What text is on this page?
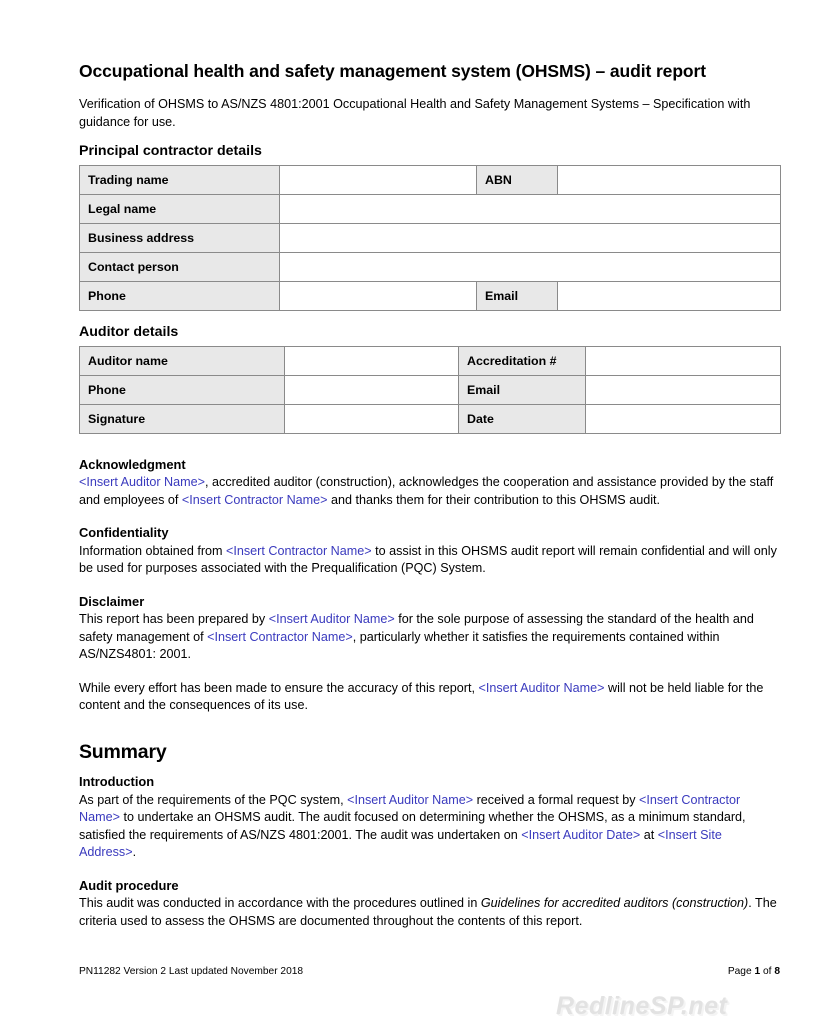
Occupational health and safety management system (OHSMS) – audit report

Verification of OHSMS to AS/NZS 4801:2001 Occupational Health and Safety Management Systems – Specification with guidance for use.

Principal contractor details
Trading name		ABN	
Legal name			
Business address			
Contact person			
Phone		Email	
Auditor details
Auditor name		Accreditation #	
Phone		Email	
Signature		Date	
Acknowledgment

<Insert Auditor Name>, accredited auditor (construction), acknowledges the cooperation and assistance provided by the staff and employees of <Insert Contractor Name> and thanks them for their contribution to this OHSMS audit.

Confidentiality

Information obtained from <Insert Contractor Name> to assist in this OHSMS audit report will remain confidential and will only be used for purposes associated with the Prequalification (PQC) System.

Disclaimer

This report has been prepared by <Insert Auditor Name> for the sole purpose of assessing the standard of the health and safety management of <Insert Contractor Name>, particularly whether it satisfies the requirements contained within AS/NZS4801: 2001.

While every effort has been made to ensure the accuracy of this report, <Insert Auditor Name> will not be held liable for the content and the consequences of its use.

Summary
Introduction

As part of the requirements of the PQC system, <Insert Auditor Name> received a formal request by <Insert Contractor Name> to undertake an OHSMS audit. The audit focused on determining whether the OHSMS, as a minimum standard, satisfied the requirements of AS/NZS 4801:2001. The audit was undertaken on <Insert Auditor Date> at <Insert Site Address>.

Audit procedure

This audit was conducted in accordance with the procedures outlined in Guidelines for accredited auditors (construction). The criteria used to assess the OHSMS are documented throughout the contents of this report.

PN11282 Version 2 Last updated November 2018	Page 1 of 8
RedlineSP.net
